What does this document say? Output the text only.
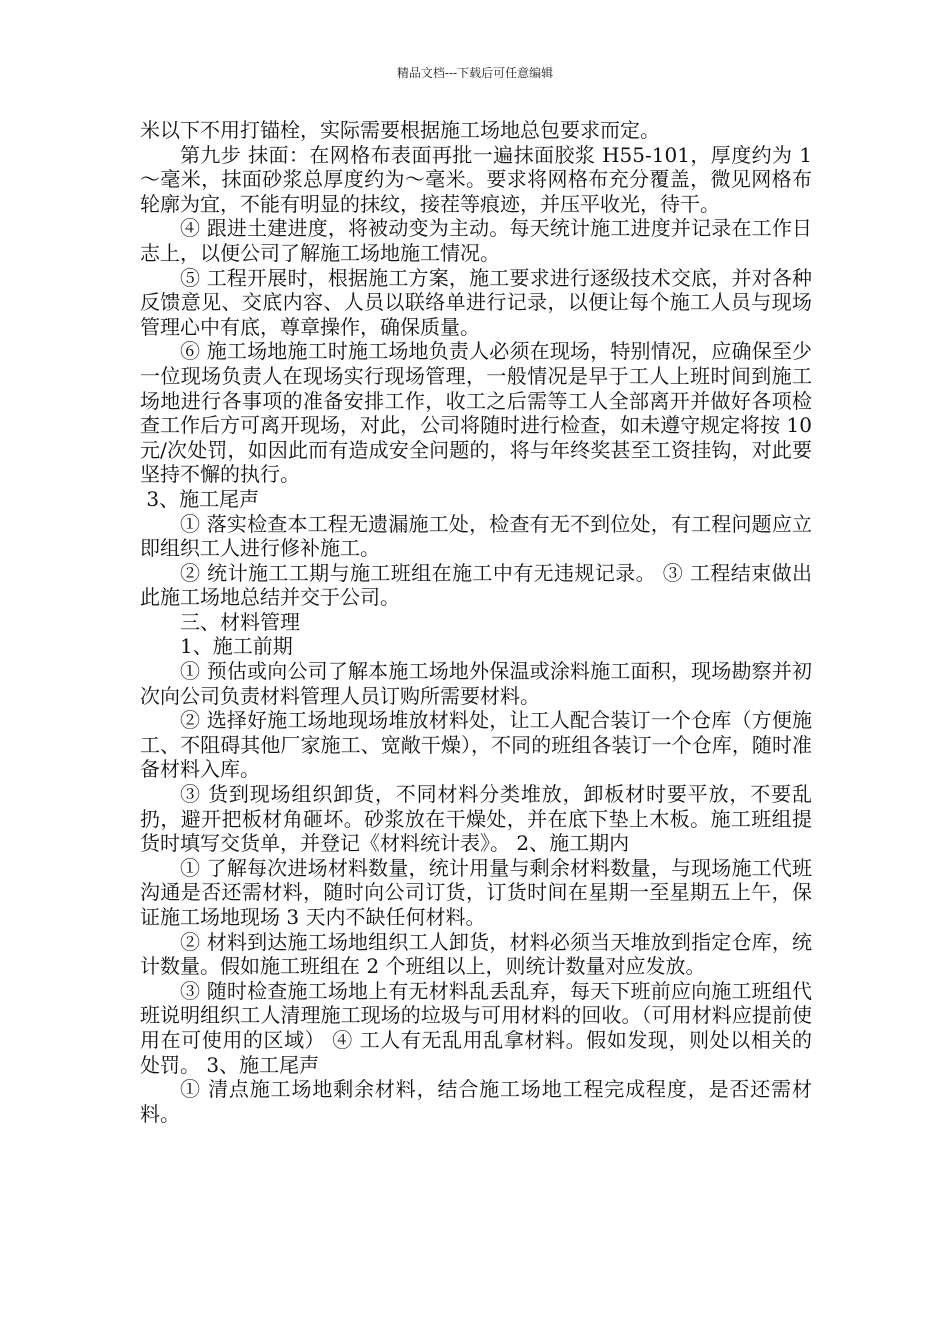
精品文档---下载后可任意编辑

米以下不用打锚栓，实际需要根据施工场地总包要求而定。

第九步 抹面：在网格布表面再批一遍抹面胶浆 H55-101，厚度约为 1～毫米，抹面砂浆总厚度约为～毫米。要求将网格布充分覆盖，微见网格布轮廓为宜，不能有明显的抹纹，接茬等痕迹，并压平收光，待干。

④ 跟进土建进度，将被动变为主动。每天统计施工进度并记录在工作日志上，以便公司了解施工场地施工情况。

⑤ 工程开展时，根据施工方案，施工要求进行逐级技术交底，并对各种反馈意见、交底内容、人员以联络单进行记录，以便让每个施工人员与现场管理心中有底，尊章操作，确保质量。

⑥ 施工场地施工时施工场地负责人必须在现场，特别情况，应确保至少一位现场负责人在现场实行现场管理，一般情况是早于工人上班时间到施工场地进行各事项的准备安排工作，收工之后需等工人全部离开并做好各项检查工作后方可离开现场，对此，公司将随时进行检查，如未遵守规定将按 10 元/次处罚，如因此而有造成安全问题的，将与年终奖甚至工资挂钩，对此要坚持不懈的执行。

3、施工尾声

① 落实检查本工程无遗漏施工处，检查有无不到位处，有工程问题应立即组织工人进行修补施工。

② 统计施工工期与施工班组在施工中有无违规记录。 ③ 工程结束做出此施工场地总结并交于公司。

三、材料管理

1、施工前期

① 预估或向公司了解本施工场地外保温或涂料施工面积，现场勘察并初次向公司负责材料管理人员订购所需要材料。

② 选择好施工场地现场堆放材料处，让工人配合装订一个仓库（方便施工、不阻碍其他厂家施工、宽敞干燥），不同的班组各装订一个仓库，随时准备材料入库。

③ 货到现场组织卸货，不同材料分类堆放，卸板材时要平放，不要乱扔，避开把板材角砸坏。砂浆放在干燥处，并在底下垫上木板。施工班组提货时填写交货单，并登记《材料统计表》。 2、施工期内

① 了解每次进场材料数量，统计用量与剩余材料数量，与现场施工代班沟通是否还需材料，随时向公司订货，订货时间在星期一至星期五上午，保证施工场地现场 3 天内不缺任何材料。

② 材料到达施工场地组织工人卸货，材料必须当天堆放到指定仓库，统计数量。假如施工班组在 2 个班组以上，则统计数量对应发放。

③ 随时检查施工场地上有无材料乱丢乱弃，每天下班前应向施工班组代班说明组织工人清理施工现场的垃圾与可用材料的回收。（可用材料应提前使用在可使用的区域） ④ 工人有无乱用乱拿材料。假如发现，则处以相关的处罚。 3、施工尾声

① 清点施工场地剩余材料，结合施工场地工程完成程度，是否还需材料。
